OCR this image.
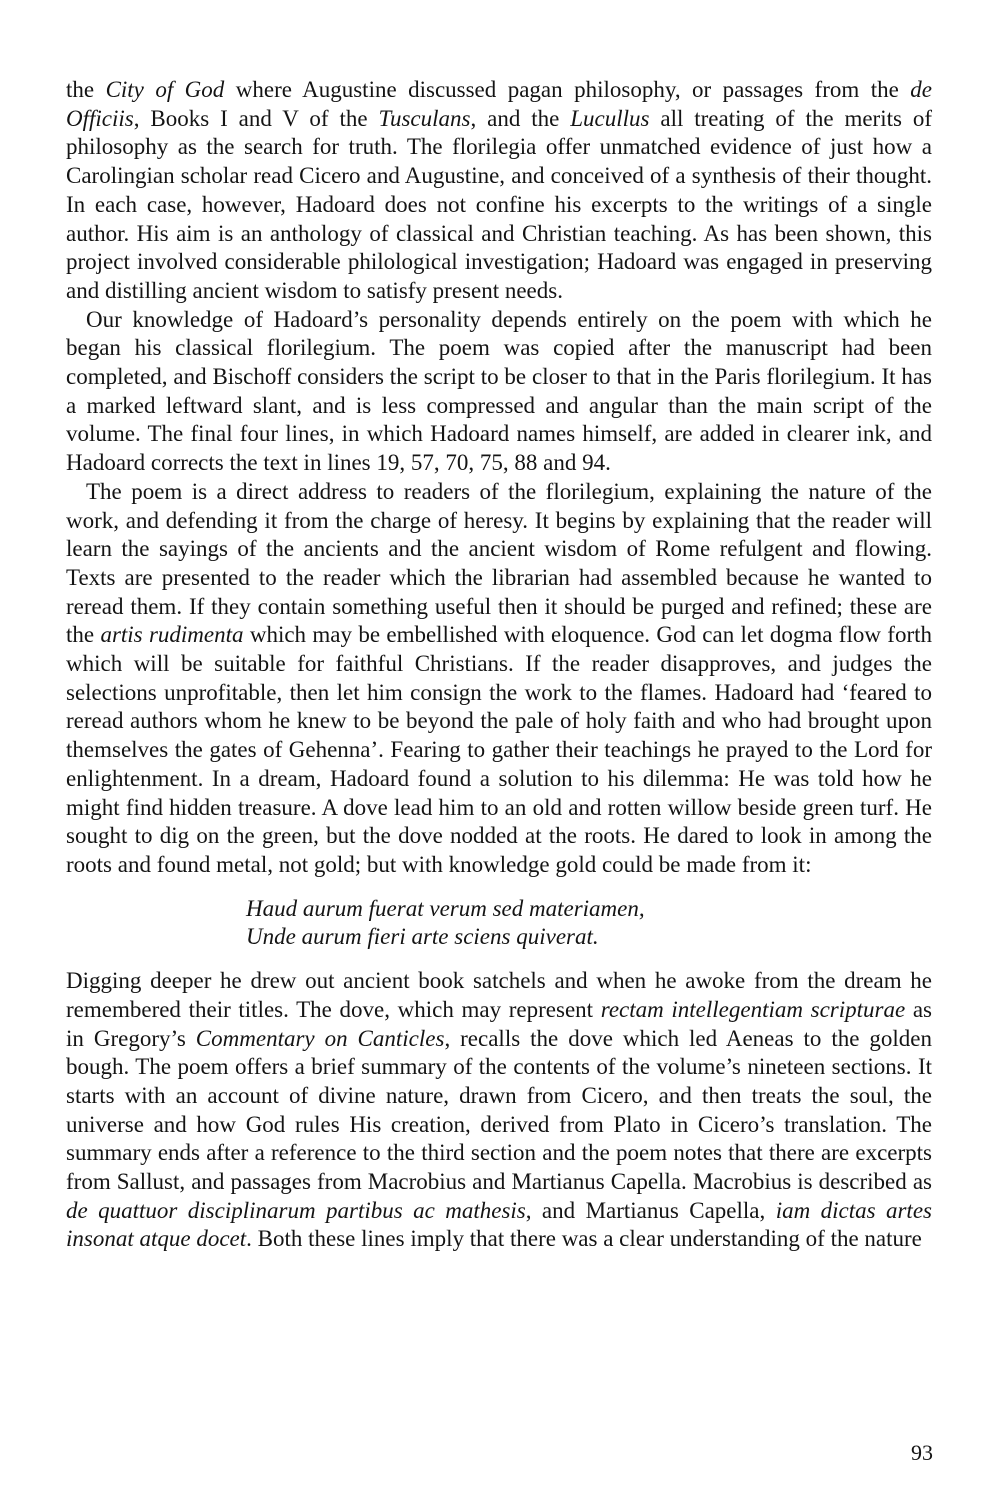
the City of God where Augustine discussed pagan philosophy, or passages from the de Officiis, Books I and V of the Tusculans, and the Lucullus all treating of the merits of philosophy as the search for truth. The florilegia offer unmatched evidence of just how a Carolingian scholar read Cicero and Augustine, and conceived of a synthesis of their thought. In each case, however, Hadoard does not confine his excerpts to the writings of a single author. His aim is an anthology of classical and Christian teaching. As has been shown, this project involved considerable philological investigation; Hadoard was engaged in preserving and distilling ancient wisdom to satisfy present needs.

Our knowledge of Hadoard’s personality depends entirely on the poem with which he began his classical florilegium. The poem was copied after the manuscript had been completed, and Bischoff considers the script to be closer to that in the Paris florilegium. It has a marked leftward slant, and is less compressed and angular than the main script of the volume. The final four lines, in which Hadoard names himself, are added in clearer ink, and Hadoard corrects the text in lines 19, 57, 70, 75, 88 and 94.

The poem is a direct address to readers of the florilegium, explaining the nature of the work, and defending it from the charge of heresy. It begins by explaining that the reader will learn the sayings of the ancients and the ancient wisdom of Rome refulgent and flowing. Texts are presented to the reader which the librarian had assembled because he wanted to reread them. If they contain something useful then it should be purged and refined; these are the artis rudimenta which may be embellished with eloquence. God can let dogma flow forth which will be suitable for faithful Christians. If the reader disapproves, and judges the selections unprofitable, then let him consign the work to the flames. Hadoard had ‘feared to reread authors whom he knew to be beyond the pale of holy faith and who had brought upon themselves the gates of Gehenna’. Fearing to gather their teachings he prayed to the Lord for enlightenment. In a dream, Hadoard found a solution to his dilemma: He was told how he might find hidden treasure. A dove lead him to an old and rotten willow beside green turf. He sought to dig on the green, but the dove nodded at the roots. He dared to look in among the roots and found metal, not gold; but with knowledge gold could be made from it:

Haud aurum fuerat verum sed materiamen,
Unde aurum fieri arte sciens quiverat.

Digging deeper he drew out ancient book satchels and when he awoke from the dream he remembered their titles. The dove, which may represent rectam intellegentiam scripturae as in Gregory’s Commentary on Canticles, recalls the dove which led Aeneas to the golden bough. The poem offers a brief summary of the contents of the volume’s nineteen sections. It starts with an account of divine nature, drawn from Cicero, and then treats the soul, the universe and how God rules His creation, derived from Plato in Cicero’s translation. The summary ends after a reference to the third section and the poem notes that there are excerpts from Sallust, and passages from Macrobius and Martianus Capella. Macrobius is described as de quattuor disciplinarum partibus ac mathesis, and Martianus Capella, iam dictas artes insonat atque docet. Both these lines imply that there was a clear understanding of the nature

93
